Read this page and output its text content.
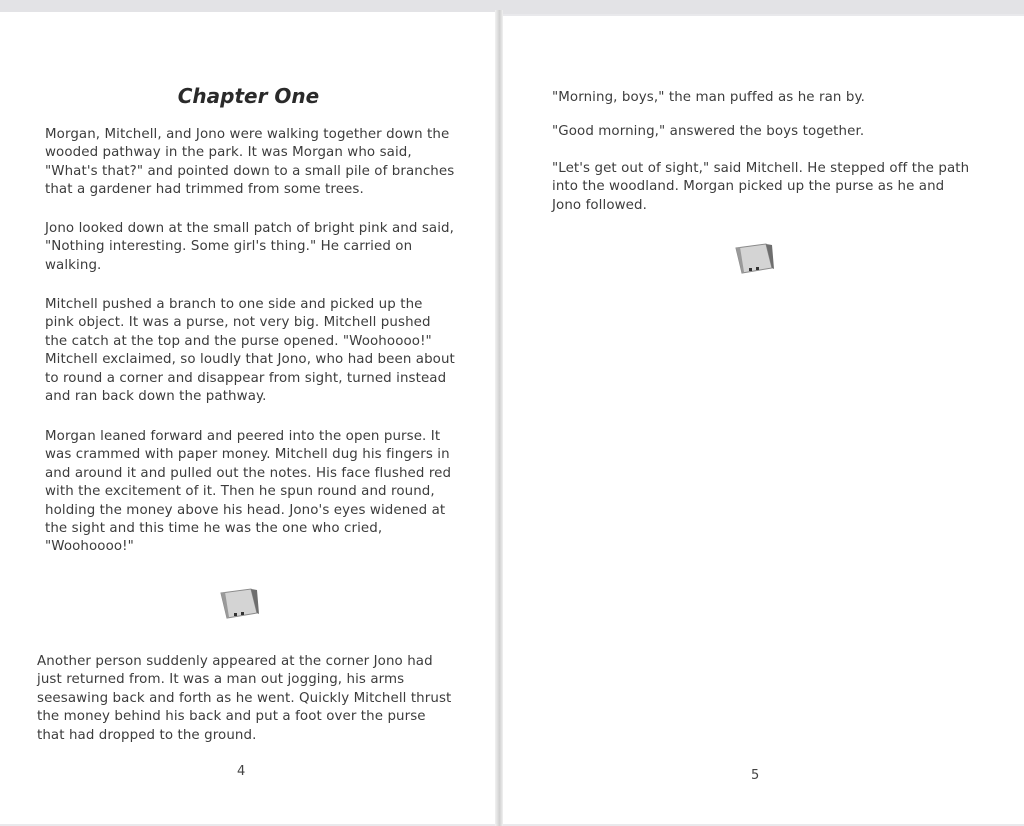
Chapter One

Morgan, Mitchell, and Jono were walking together down the wooded pathway in the park. It was Morgan who said, "What's that?" and pointed down to a small pile of branches that a gardener had trimmed from some trees.

Jono looked down at the small patch of bright pink and said, "Nothing interesting. Some girl's thing." He carried on walking.

Mitchell pushed a branch to one side and picked up the pink object. It was a purse, not very big. Mitchell pushed the catch at the top and the purse opened. "Woohoooo!" Mitchell exclaimed, so loudly that Jono, who had been about to round a corner and disappear from sight, turned instead and ran back down the pathway.

Morgan leaned forward and peered into the open purse. It was crammed with paper money. Mitchell dug his fingers in and around it and pulled out the notes. His face flushed red with the excitement of it. Then he spun round and round, holding the money above his head. Jono's eyes widened at the sight and this time he was the one who cried, "Woohoooo!"

Another person suddenly appeared at the corner Jono had just returned from. It was a man out jogging, his arms seesawing back and forth as he went. Quickly Mitchell thrust the money behind his back and put a foot over the purse that had dropped to the ground.

4

"Morning, boys," the man puffed as he ran by.

"Good morning," answered the boys together.

"Let's get out of sight," said Mitchell. He stepped off the path into the woodland. Morgan picked up the purse as he and Jono followed.

5
